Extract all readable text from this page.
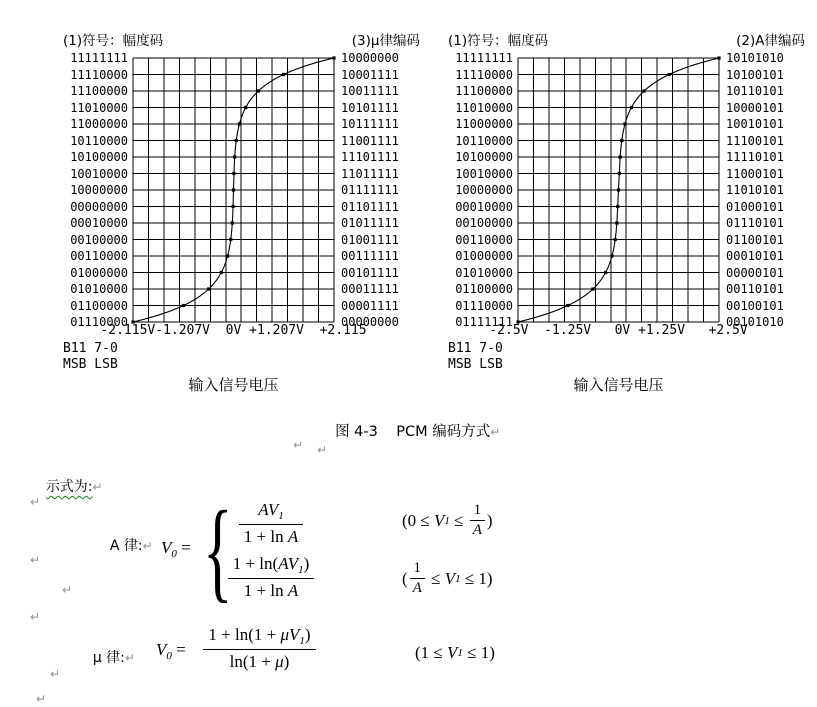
(1)符号：幅度码	(3)μ律编码
11111111
11110000
11100000
11010000
11000000
10110000
10100000
10010000
10000000
00000000
00010000
00100000
00110000
01000000
01010000
01100000
01110000
10000000
10001111
10011111
10101111
10111111
11001111
11101111
11011111
01111111
01101111
01011111
01001111
00111111
00101111
00011111
00001111
00000000
-2.115V-1.207V  0V +1.207V  +2.115
B11 7-0
MSB LSB
输入信号电压
(1)符号：幅度码	(2)A律编码
11111111
11110000
11100000
11010000
11000000
10110000
10100000
10010000
10000000
00010000
00100000
00110000
01000000
01010000
01100000
01110000
01111111
10101010
10100101
10110101
10000101
10010101
11100101
11110101
11000101
11010101
01000101
01110101
01100101
00010101
00000101
00110101
00100101
00101010
-2.5V  -1.25V   0V +1.25V   +2.5V
B11 7-0
MSB LSB
输入信号电压

图 4-3    PCM 编码方式↵

↵ ↵
↵
↵
↵
↵
↵
↵

示式为:↵

A 律:↵
$V_0$ = { $\frac{AV_1}{\text{1 + ln A}}$
$\frac{1 + \ln(AV_1)}{\text{1 + ln A}}$
(0 ≤ V $1 \le \frac{1}{A}$ )
( $\frac{1}{A} \le V$ 1 ≤ 1)

μ 律:↵
$V_0 = \frac{1 + \ln(1 + \mu V_1)}{\ln(1 + \mu)}$	(1 ≤ V 1 ≤ 1)
